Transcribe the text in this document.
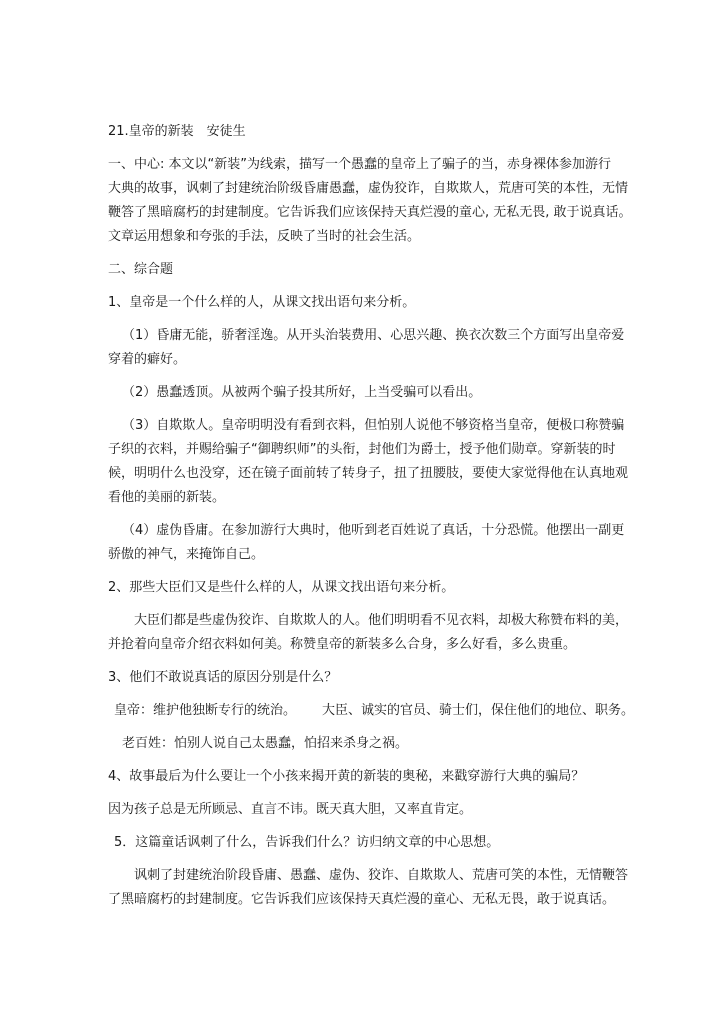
21.皇帝的新装　安徒生

一、中心: 本文以“新装”为线索，描写一个愚蠢的皇帝上了骗子的当，赤身裸体参加游行

大典的故事，讽刺了封建统治阶级昏庸愚蠢，虚伪狡诈，自欺欺人，荒唐可笑的本性，无情

鞭答了黑暗腐朽的封建制度。它告诉我们应该保持天真烂漫的童心, 无私无畏, 敢于说真话。

文章运用想象和夸张的手法，反映了当时的社会生活。

二、综合题

1、皇帝是一个什么样的人，从课文找出语句来分析。

（1）昏庸无能，骄奢淫逸。从开头治装费用、心思兴趣、换衣次数三个方面写出皇帝爱

穿着的癖好。

（2）愚蠢透顶。从被两个骗子投其所好，上当受骗可以看出。

（3）自欺欺人。皇帝明明没有看到衣料，但怕别人说他不够资格当皇帝，便极口称赞骗

子织的衣料，并赐给骗子“御聘织师”的头衔，封他们为爵士，授予他们勋章。穿新装的时

候，明明什么也没穿，还在镜子面前转了转身子，扭了扭腰肢，要使大家觉得他在认真地观

看他的美丽的新装。

（4）虚伪昏庸。在参加游行大典时，他听到老百姓说了真话，十分恐慌。他摆出一副更

骄傲的神气，来掩饰自己。

2、那些大臣们又是些什么样的人，从课文找出语句来分析。

大臣们都是些虚伪狡诈、自欺欺人的人。他们明明看不见衣料，却极大称赞布料的美，

并抢着向皇帝介绍衣料如何美。称赞皇帝的新装多么合身，多么好看，多么贵重。

3、他们不敢说真话的原因分别是什么？

皇帝：维护他独断专行的统治。 大臣、诚实的官员、骑士们，保住他们的地位、职务。

老百姓：怕别人说自己太愚蠢，怕招来杀身之祸。

4、故事最后为什么要让一个小孩来揭开黄的新装的奥秘，来戳穿游行大典的骗局？

因为孩子总是无所顾忌、直言不讳。既天真大胆，又率直肯定。

5．这篇童话讽刺了什么，告诉我们什么？访归纳文章的中心思想。

讽刺了封建统治阶段昏庸、愚蠢、虚伪、狡诈、自欺欺人、荒唐可笑的本性，无情鞭答

了黑暗腐朽的封建制度。它告诉我们应该保持天真烂漫的童心、无私无畏，敢于说真话。
